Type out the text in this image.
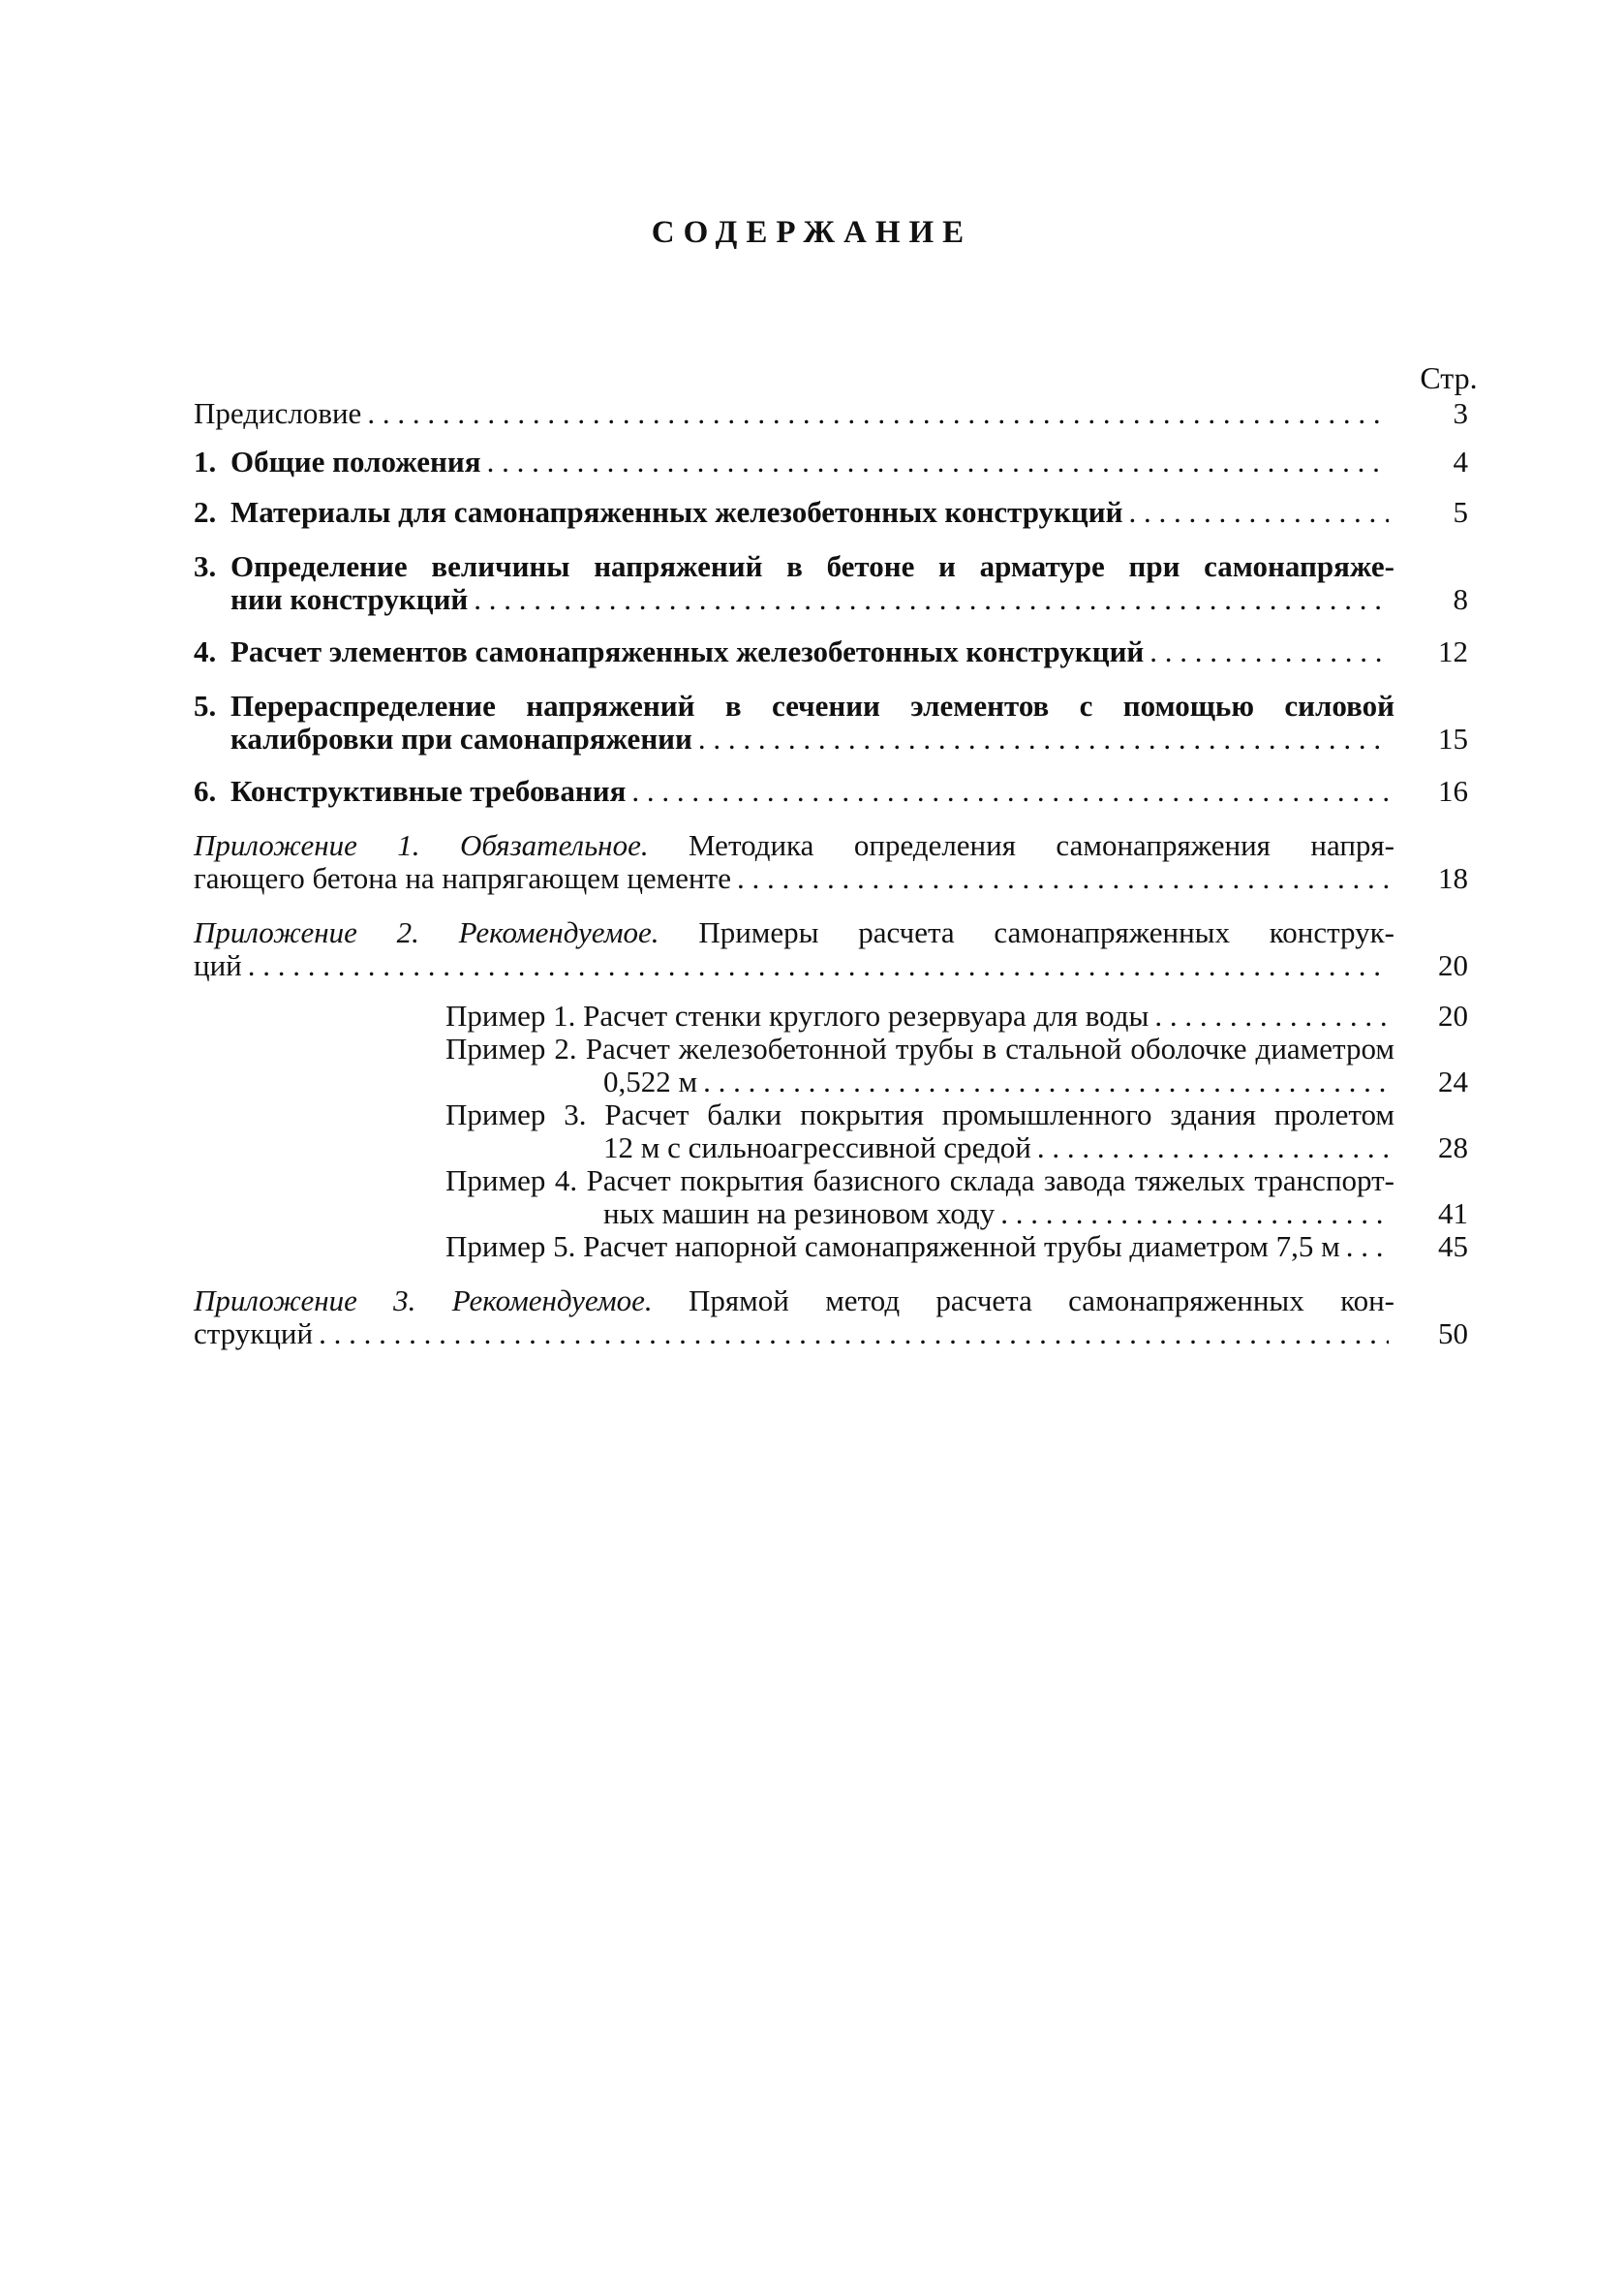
СОДЕРЖАНИЕ
Стр.
Предисловие . . .	3
1. Общие положения . . .	4
2. Материалы для самонапряженных железобетонных конструкций . . .	5
3. Определение величины напряжений в бетоне и арматуре при самонапряже-
нии конструкций . . .	8
4. Расчет элементов самонапряженных железобетонных конструкций . . .	12
5. Перераспределение напряжений в сечении элементов с помощью силовой
калибровки при самонапряжении . . .	15
6. Конструктивные требования . . .	16
Приложение 1. Обязательное. Методика определения самонапряжения напря-
гающего бетона на напрягающем цементе . . .	18
Приложение 2. Рекомендуемое. Примеры расчета самонапряженных конструк-
ций . . .	20
Пример 1. Расчет стенки круглого резервуара для воды . . .	20
Пример 2. Расчет железобетонной трубы в стальной оболочке диаметром
0,522 м . . .	24
Пример 3. Расчет балки покрытия промышленного здания пролетом
12 м с сильноагрессивной средой . . .	28
Пример 4. Расчет покрытия базисного склада завода тяжелых транспорт-
ных машин на резиновом ходу . . .	41
Пример 5. Расчет напорной самонапряженной трубы диаметром 7,5 м . . .	45
Приложение 3. Рекомендуемое. Прямой метод расчета самонапряженных кон-
струкций . . .	50
